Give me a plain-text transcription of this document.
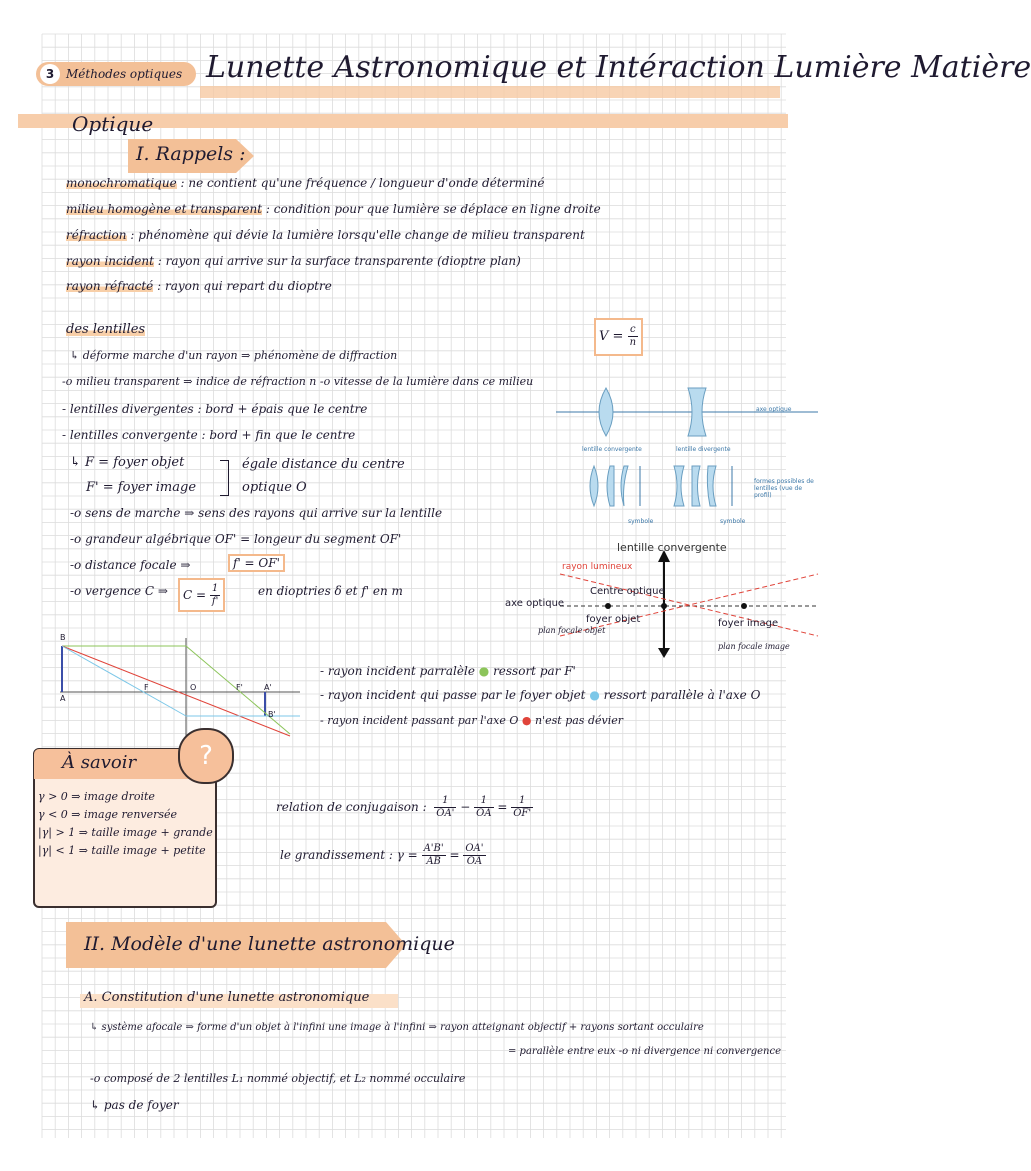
3 Méthodes optiques Lunette Astronomique et Intéraction Lumière Matière
Optique
I. Rappels :
monochromatique : ne contient qu'une fréquence / longueur d'onde déterminé
milieu homogène et transparent : condition pour que lumière se déplace en ligne droite
réfraction : phénomène qui dévie la lumière lorsqu'elle change de milieu transparent
rayon incident : rayon qui arrive sur la surface transparente (dioptre plan)
rayon réfracté : rayon qui repart du dioptre
des lentilles	$V = \frac{c}{n}$
↳ déforme marche d'un rayon ⇒ phénomène de diffraction
-o milieu transparent ⇒ indice de réfraction n -o vitesse de la lumière dans ce milieu
- lentilles divergentes : bord + épais que le centre
- lentilles convergente : bord + fin que le centre
↳ F = foyer objet
F' = foyer image
égale distance du centre
optique O
-o sens de marche ⇒ sens des rayons qui arrive sur la lentille
-o grandeur algébrique OF' = longeur du segment OF'
-o distance focale ⇒	f' = OF'
-o vergence C ⇒	$C = \frac{1}{f'}$	en dioptries δ et f' en m
axe optique
lentille convergente	lentille divergente
formes possibles de lentilles (vue de profil)
symbole	symbole
lentille convergente
rayon lumineux
Centre optique
axe optique
foyer objet
plan focale objet
foyer image
plan focale image
B
A
F	O	F'	A'
B'
- rayon incident parralèle ● ressort par F'
- rayon incident qui passe par le foyer objet ● ressort parallèle à l'axe O
- rayon incident passant par l'axe O ● n'est pas dévier
À savoir	?
γ > 0 ⇒ image droite
γ < 0 ⇒ image renversée
|γ| > 1 ⇒ taille image + grande
|γ| < 1 ⇒ taille image + petite
relation de conjugaison : $\frac{1}{OA'} - \frac{1}{OA} = \frac{1}{OF'}$
le grandissement : $\gamma = \frac{A'B'}{AB} = \frac{OA'}{OA}$
II. Modèle d'une lunette astronomique
A. Constitution d'une lunette astronomique
↳ système afocale ⇒ forme d'un objet à l'infini une image à l'infini ⇒ rayon atteignant objectif + rayons sortant occulaire
= parallèle entre eux -o ni divergence ni convergence
-o composé de 2 lentilles L₁ nommé objectif, et L₂ nommé occulaire
↳ pas de foyer
